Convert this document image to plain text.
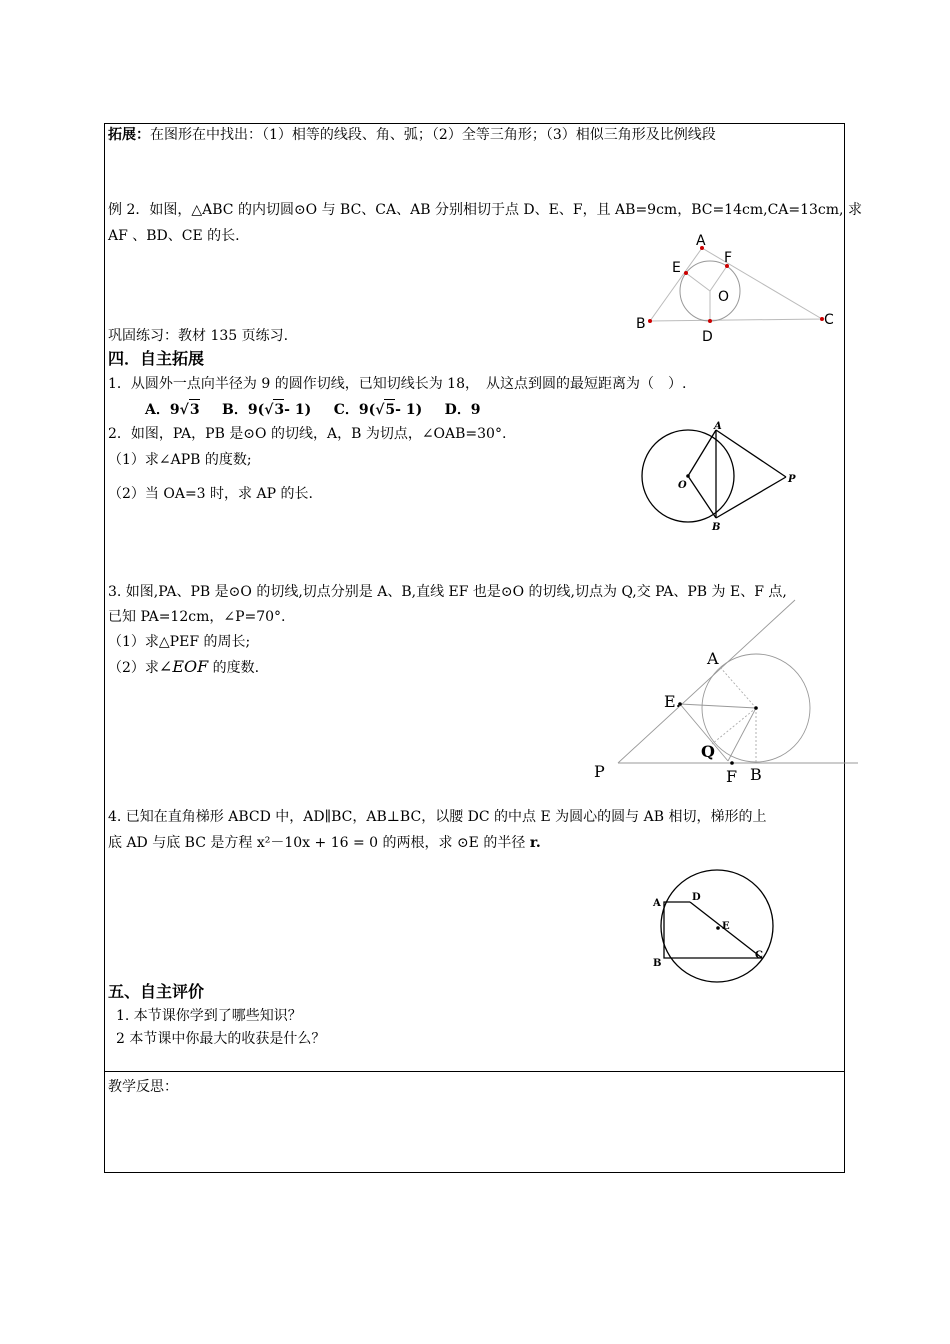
拓展：在图形在中找出：（1）相等的线段、角、弧；（2）全等三角形；（3）相似三角形及比例线段
例 2．如图，△ABC 的内切圆⊙O 与 BC、CA、AB 分别相切于点 D、E、F，且 AB=9cm，BC=14cm,CA=13cm, 求
AF 、BD、CE 的长.	A
E
F
O
B
D
C
巩固练习：教材 135 页练习.
四．自主拓展
1．从圆外一点向半径为 9 的圆作切线，已知切线长为 18，　从这点到圆的最短距离为（　）.
A．9√3 B．9(√3- 1) C．9(√5- 1) D．9
2．如图，PA，PB 是⊙O 的切线，A，B 为切点，∠OAB=30°.
（1）求∠APB 的度数;
（2）当 OA=3 时，求 AP 的长.
A
O
P
B
3. 如图,PA、PB 是⊙O 的切线,切点分别是 A、B,直线 EF 也是⊙O 的切线,切点为 Q,交 PA、PB 为 E、F 点,
已知 PA=12cm，∠P=70°.
（1）求△PEF 的周长;
（2）求∠EOF 的度数.	A
E.
Q
P	F B
4. 已知在直角梯形 ABCD 中，AD∥BC，AB⊥BC，以腰 DC 的中点 E 为圆心的圆与 AB 相切，梯形的上
底 AD 与底 BC 是方程 x²－10x + 16 = 0 的两根，求 ⊙E 的半径 r.
A
D
E
B
C
五、自主评价
1. 本节课你学到了哪些知识？
2 本节课中你最大的收获是什么？
教学反思：
